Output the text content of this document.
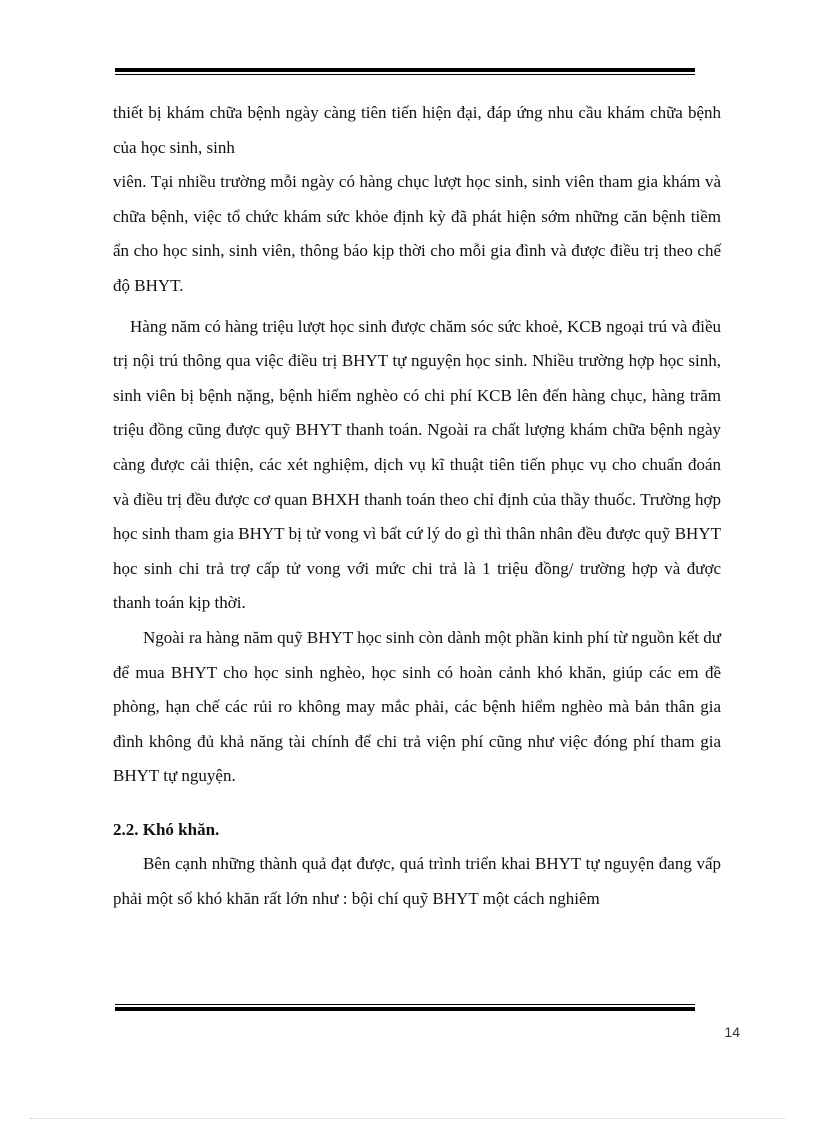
thiết bị khám chữa bệnh ngày càng tiên tiến hiện đại, đáp ứng nhu cầu khám chữa bệnh của học sinh, sinh

viên. Tại nhiều trường mỗi ngày có hàng chục lượt học sinh, sinh viên tham gia khám và chữa bệnh, việc tổ chức khám sức khỏe định kỳ đã phát hiện sớm những căn bệnh tiềm ẩn cho học sinh, sinh viên, thông báo kịp thời cho mỗi gia đình và được điều trị theo chế độ BHYT.

Hàng năm có hàng triệu lượt học sinh được chăm sóc sức khoẻ, KCB ngoại trú và điều trị nội trú thông qua việc điều trị BHYT tự nguyện học sinh. Nhiều trường hợp học sinh, sinh viên bị bệnh nặng, bệnh hiểm nghèo có chi phí KCB lên đến hàng chục, hàng trăm triệu đồng cũng được quỹ BHYT thanh toán. Ngoài ra chất lượng khám chữa bệnh ngày càng được cải thiện, các xét nghiệm, dịch vụ kĩ thuật tiên tiến phục vụ cho chuẩn đoán và điều trị đều được cơ quan BHXH thanh toán theo chỉ định của thầy thuốc. Trường hợp học sinh tham gia BHYT bị tử vong vì bất cứ lý do gì thì thân nhân đều được quỹ BHYT học sinh chi trả trợ cấp tử vong với mức chi trả là 1 triệu đồng/ trường hợp và được thanh toán kịp thời.

Ngoài ra hàng năm quỹ BHYT học sinh còn dành một phần kinh phí từ nguồn kết dư để mua BHYT cho học sinh nghèo, học sinh có hoàn cảnh khó khăn, giúp các em đề phòng, hạn chế các rủi ro không may mắc phải, các bệnh hiểm nghèo mà bản thân gia đình không đủ khả năng tài chính để chi trả viện phí cũng như việc đóng phí tham gia BHYT tự nguyện.

2.2. Khó khăn.

Bên cạnh những thành quả đạt được, quá trình triển khai BHYT tự nguyện đang vấp phải một số khó khăn rất lớn như : bội chí quỹ BHYT một cách nghiêm

14
